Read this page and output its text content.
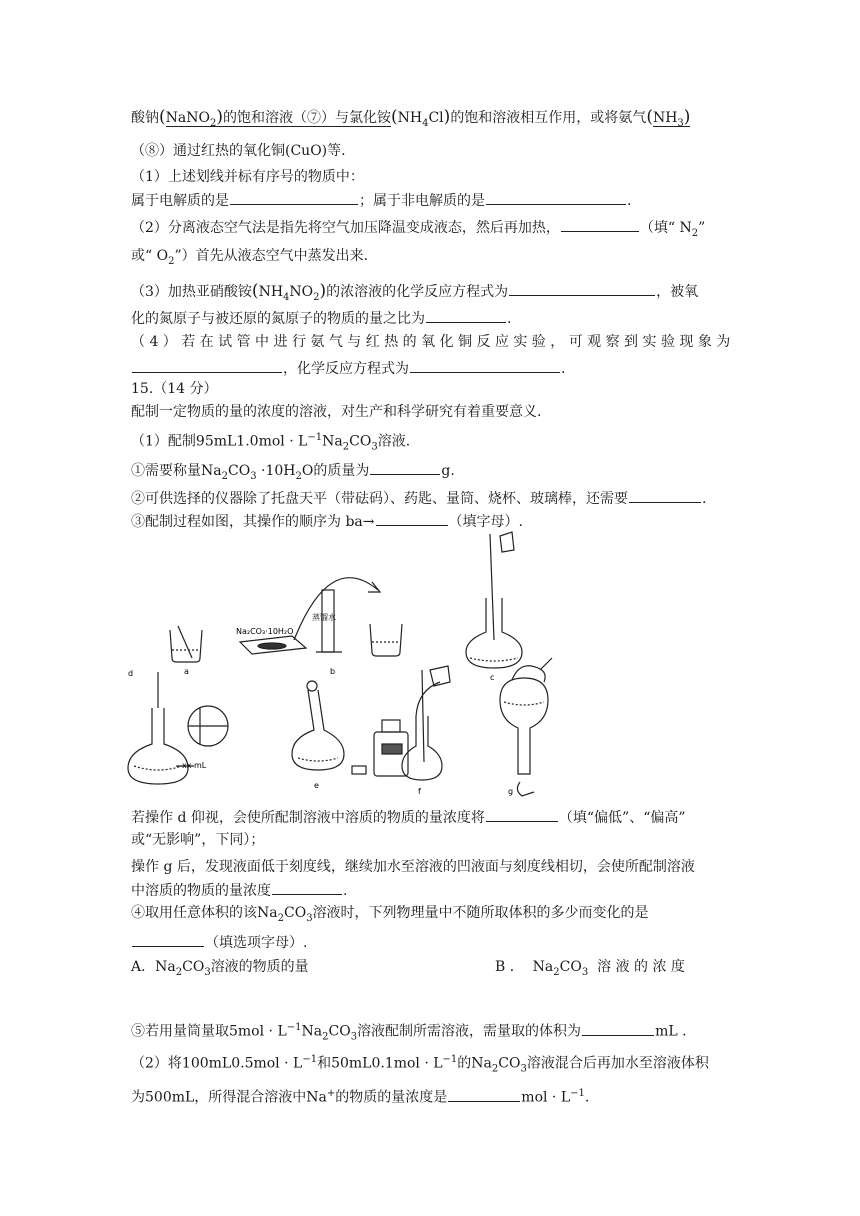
酸钠(NaNO$_2$)的饱和溶液（⑦）与氯化铵$(NH_4Cl)$的饱和溶液相互作用，或将氨气$(NH_3)$
（⑧）通过红热的氧化铜(CuO)等.
（1）上述划线并标有序号的物质中：
属于电解质的是	；属于非电解质的是	.
（2）分离液态空气法是指先将空气加压降温变成液态，然后再加热，	（填“ $N_2$”
或“ $O_2$”）首先从液态空气中蒸发出来.
（3）加热亚硝酸铵$(NH_4NO_2)$的浓溶液的化学反应方程式为	，被氧
化的氮原子与被还原的氮原子的物质的量之比为	.
（ 4 ） 若 在 试 管 中 进 行 氨 气 与 红 热 的 氧 化 铜 反 应 实 验 ， 可 观 察 到 实 验 现 象 为
，化学反应方程式为	.
15.（14 分）
配制一定物质的量的浓度的溶液，对生产和科学研究有着重要意义.
（1）配制$95mL1.0mol \cdot L^{-1}Na_2CO_3$溶液.
①需要称量$Na_2CO_3 \cdot 10H_2O$的质量为	g.
②可供选择的仪器除了托盘天平（带砝码）、药匙、量筒、烧杯、玻璃棒，还需要	.
③配制过程如图，其操作的顺序为 ba→	（填字母）.
a	b
c
d
e
f	g
Na₂CO₃·10H₂O
蒸馏水
xx mL
若操作 d 仰视，会使所配制溶液中溶质的物质的量浓度将	（填“偏低”、“偏高”
或“无影响”，下同）；
操作 g 后，发现液面低于刻度线，继续加水至溶液的凹液面与刻度线相切，会使所配制溶液
中溶质的物质的量浓度	.
④取用任意体积的该$Na_2CO_3$溶液时，下列物理量中不随所取体积的多少而变化的是
（填选项字母）.
A．$Na_2CO_3$溶液的物质的量	B ． $Na_2CO_3$ 溶 液 的 浓 度
⑤若用量筒量取$5mol \cdot L^{-1}Na_2CO_3$溶液配制所需溶液，需量取的体积为	mL .
（2）将$100mL0.5mol \cdot L^{-1}$和$50mL0.1mol \cdot L^{-1}$的$Na_2CO_3$溶液混合后再加水至溶液体积
为500mL，所得混合溶液中Na+的物质的量浓度是	mol · $L^{-1}$.
